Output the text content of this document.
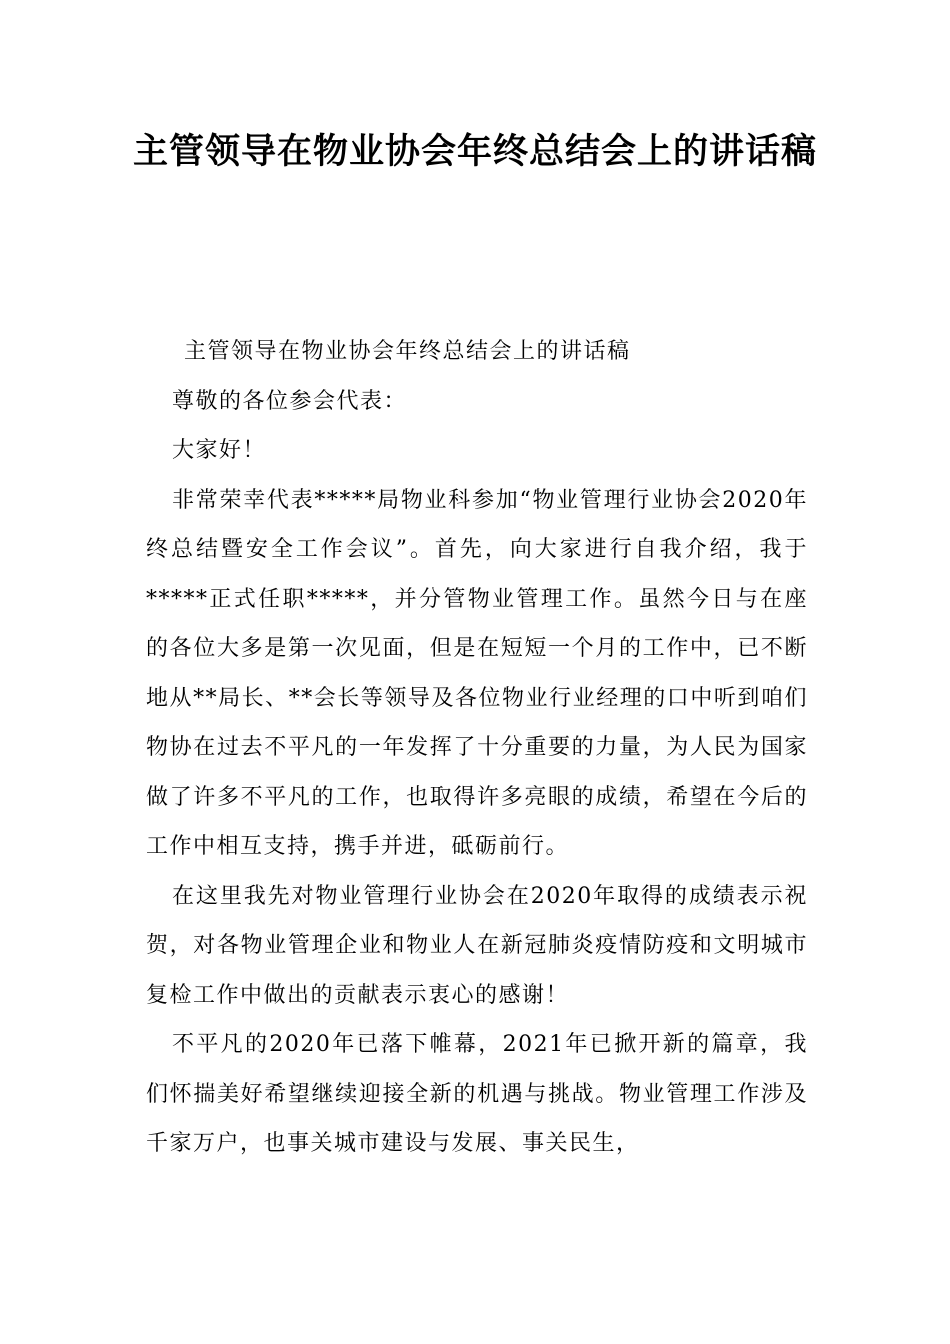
主管领导在物业协会年终总结会上的讲话稿

主管领导在物业协会年终总结会上的讲话稿

尊敬的各位参会代表：

大家好！

非常荣幸代表*****局物业科参加“物业管理行业协会2020年终总结暨安全工作会议”。首先，向大家进行自我介绍，我于*****正式任职*****，并分管物业管理工作。虽然今日与在座的各位大多是第一次见面，但是在短短一个月的工作中，已不断地从**局长、**会长等领导及各位物业行业经理的口中听到咱们物协在过去不平凡的一年发挥了十分重要的力量，为人民为国家做了许多不平凡的工作，也取得许多亮眼的成绩，希望在今后的工作中相互支持，携手并进，砥砺前行。

在这里我先对物业管理行业协会在2020年取得的成绩表示祝贺，对各物业管理企业和物业人在新冠肺炎疫情防疫和文明城市复检工作中做出的贡献表示衷心的感谢！

不平凡的2020年已落下帷幕，2021年已掀开新的篇章，我们怀揣美好希望继续迎接全新的机遇与挑战。物业管理工作涉及千家万户，也事关城市建设与发展、事关民生，
